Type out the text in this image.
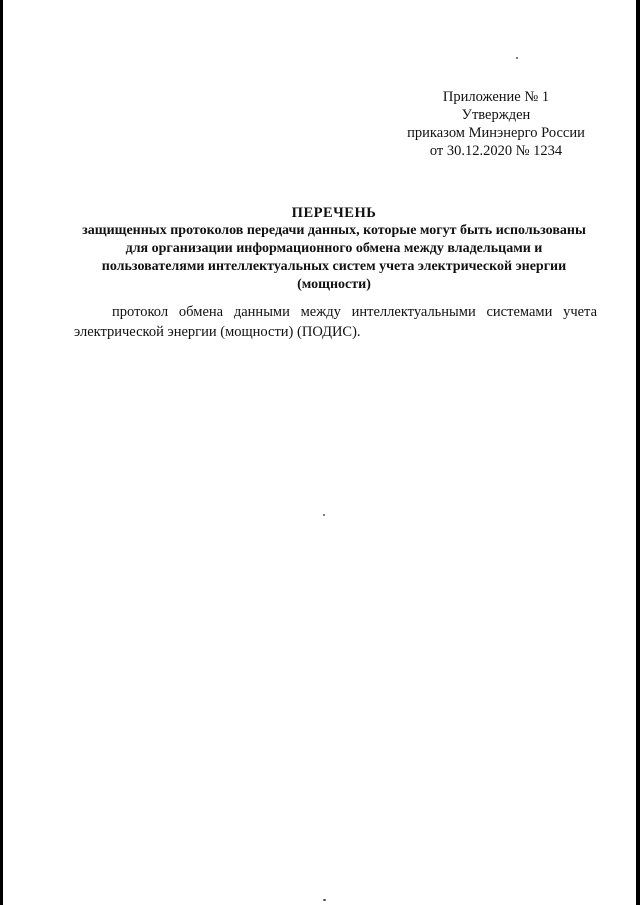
Приложение № 1
Утвержден
приказом Минэнерго России
от 30.12.2020 № 1234
ПЕРЕЧЕНЬ
защищенных протоколов передачи данных, которые могут быть использованы
для организации информационного обмена между владельцами и
пользователями интеллектуальных систем учета электрической энергии
(мощности)
протокол обмена данными между интеллектуальными системами учета электрической энергии (мощности) (ПОДИС).
